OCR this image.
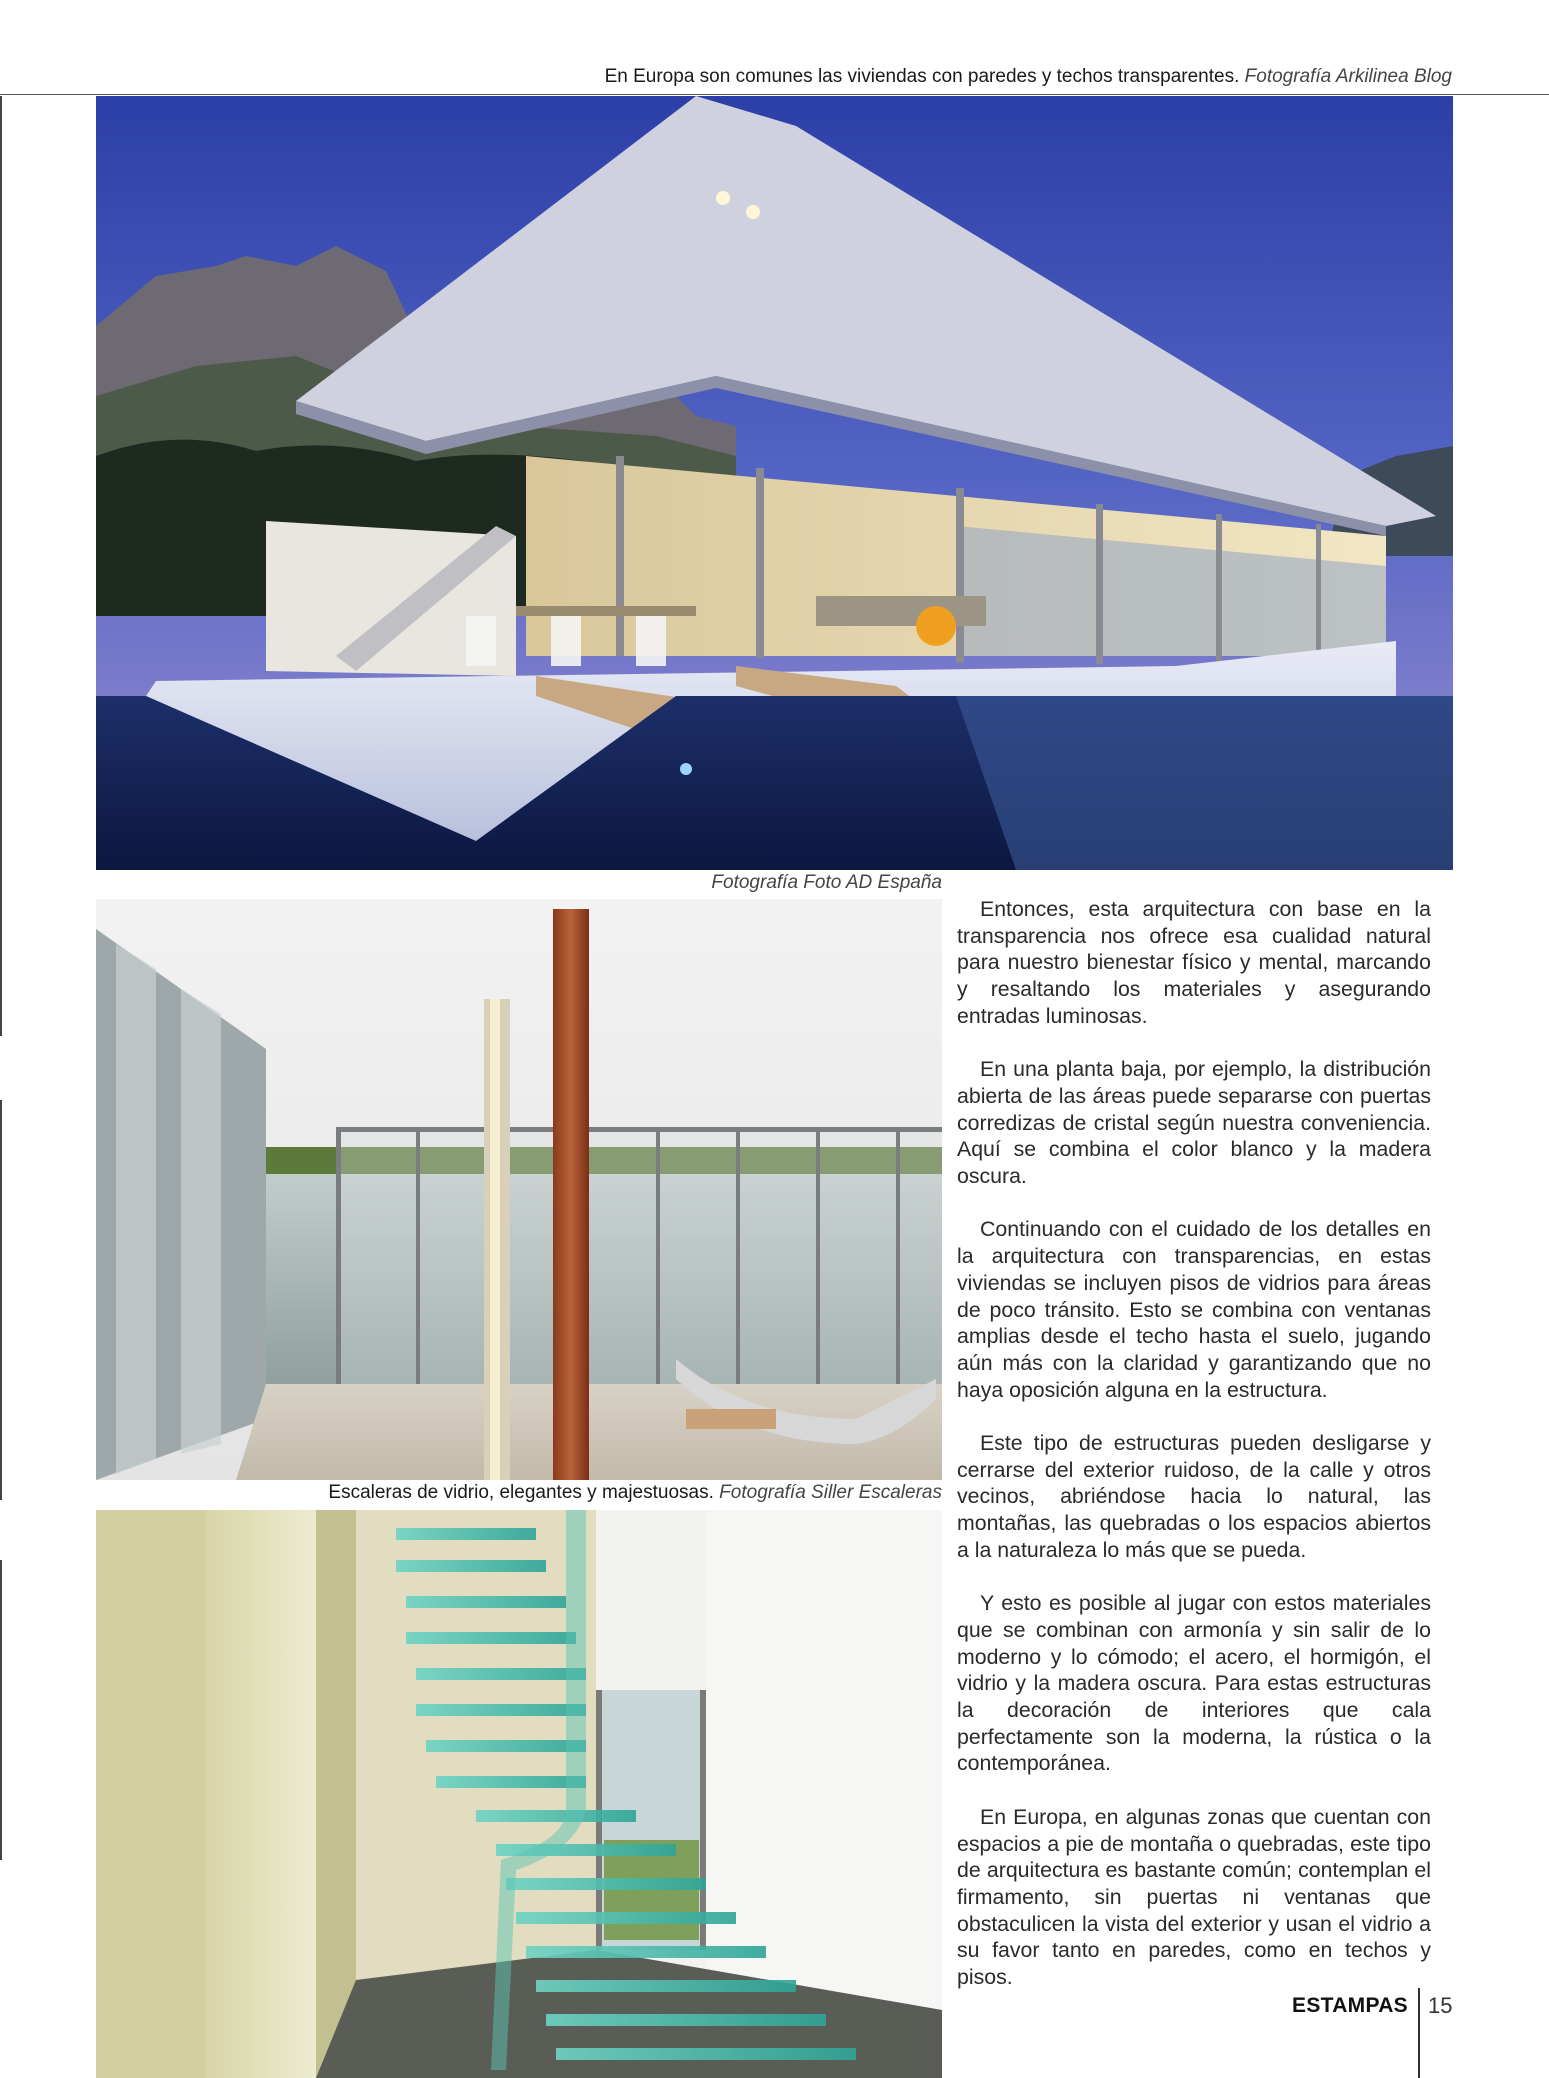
En Europa son comunes las viviendas con paredes y techos transparentes. Fotografía Arkilinea Blog
Fotografía Foto AD España
Escaleras de vidrio, elegantes y majestuosas. Fotografía Siller Escaleras

Entonces, esta arquitectura con base en la transparencia nos ofrece esa cualidad natural para nuestro bienestar físico y mental, marcando y resaltando los materiales y asegurando entradas luminosas.

En una planta baja, por ejemplo, la distribución abierta de las áreas puede separarse con puertas corredizas de cristal según nuestra conveniencia. Aquí se combina el color blanco y la madera oscura.

Continuando con el cuidado de los detalles en la arquitectura con transparencias, en estas viviendas se incluyen pisos de vidrios para áreas de poco tránsito. Esto se combina con ventanas amplias desde el techo hasta el suelo, jugando aún más con la claridad y garantizando que no haya oposición alguna en la estructura.

Este tipo de estructuras pueden desligarse y cerrarse del exterior ruidoso, de la calle y otros vecinos, abriéndose hacia lo natural, las montañas, las quebradas o los espacios abiertos a la naturaleza lo más que se pueda.

Y esto es posible al jugar con estos materiales que se combinan con armonía y sin salir de lo moderno y lo cómodo; el acero, el hormigón, el vidrio y la madera oscura. Para estas estructuras la decoración de interiores que cala perfectamente son la moderna, la rústica o la contemporánea.

En Europa, en algunas zonas que cuentan con espacios a pie de montaña o quebradas, este tipo de arquitectura es bastante común; contemplan el firmamento, sin puertas ni ventanas que obstaculicen la vista del exterior y usan el vidrio a su favor tanto en paredes, como en techos y pisos.

ESTAMPAS 15
